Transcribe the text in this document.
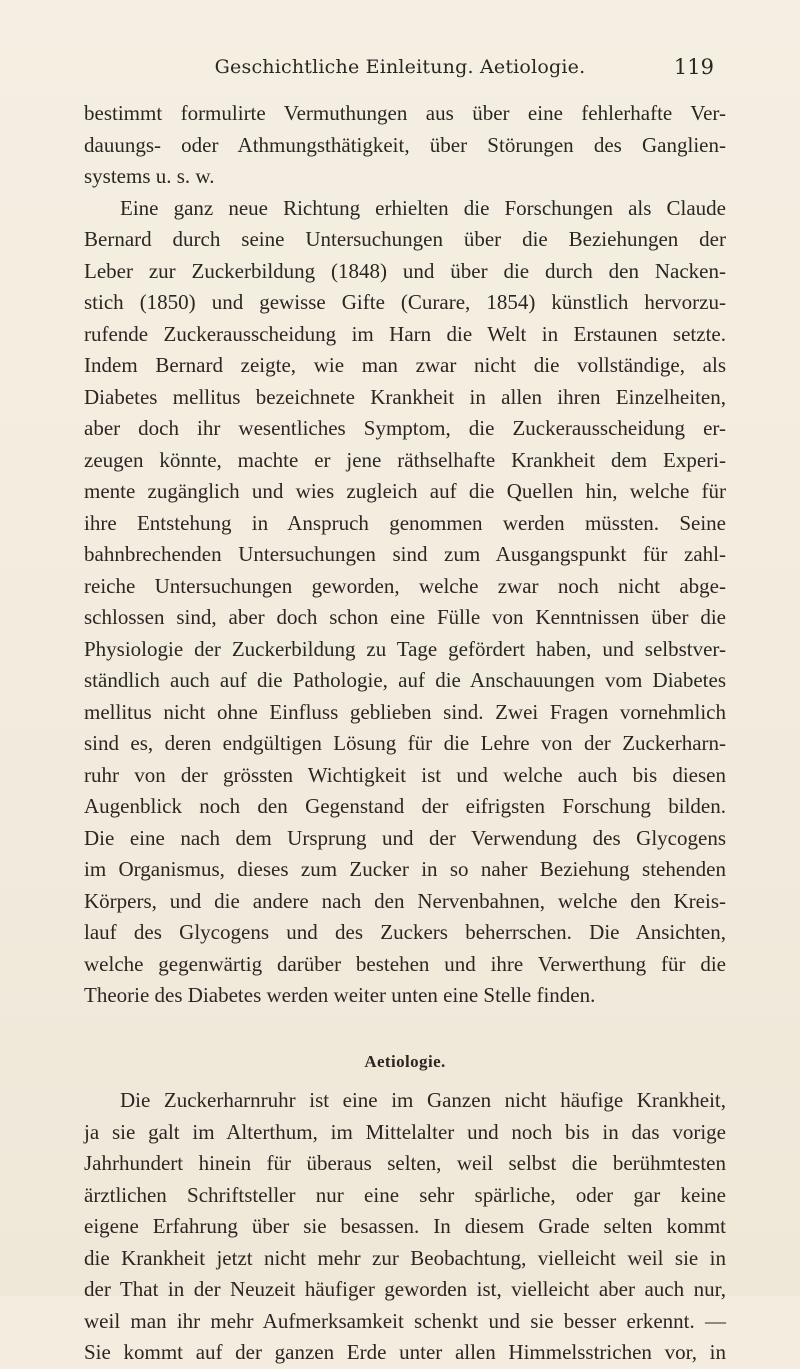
Geschichtliche Einleitung. Aetiologie.	119
bestimmt formulirte Vermuthungen aus über eine fehlerhafte Ver-
dauungs- oder Athmungsthätigkeit, über Störungen des Ganglien-
systems u. s. w.
Eine ganz neue Richtung erhielten die Forschungen als Claude
Bernard durch seine Untersuchungen über die Beziehungen der
Leber zur Zuckerbildung (1848) und über die durch den Nacken-
stich (1850) und gewisse Gifte (Curare, 1854) künstlich hervorzu-
rufende Zuckerausscheidung im Harn die Welt in Erstaunen setzte.
Indem Bernard zeigte, wie man zwar nicht die vollständige, als
Diabetes mellitus bezeichnete Krankheit in allen ihren Einzelheiten,
aber doch ihr wesentliches Symptom, die Zuckerausscheidung er-
zeugen könnte, machte er jene räthselhafte Krankheit dem Experi-
mente zugänglich und wies zugleich auf die Quellen hin, welche für
ihre Entstehung in Anspruch genommen werden müssten. Seine
bahnbrechenden Untersuchungen sind zum Ausgangspunkt für zahl-
reiche Untersuchungen geworden, welche zwar noch nicht abge-
schlossen sind, aber doch schon eine Fülle von Kenntnissen über die
Physiologie der Zuckerbildung zu Tage gefördert haben, und selbstver-
ständlich auch auf die Pathologie, auf die Anschauungen vom Diabetes
mellitus nicht ohne Einfluss geblieben sind. Zwei Fragen vornehmlich
sind es, deren endgültigen Lösung für die Lehre von der Zuckerharn-
ruhr von der grössten Wichtigkeit ist und welche auch bis diesen
Augenblick noch den Gegenstand der eifrigsten Forschung bilden.
Die eine nach dem Ursprung und der Verwendung des Glycogens
im Organismus, dieses zum Zucker in so naher Beziehung stehenden
Körpers, und die andere nach den Nervenbahnen, welche den Kreis-
lauf des Glycogens und des Zuckers beherrschen. Die Ansichten,
welche gegenwärtig darüber bestehen und ihre Verwerthung für die
Theorie des Diabetes werden weiter unten eine Stelle finden.
Aetiologie.
Die Zuckerharnruhr ist eine im Ganzen nicht häufige Krankheit,
ja sie galt im Alterthum, im Mittelalter und noch bis in das vorige
Jahrhundert hinein für überaus selten, weil selbst die berühmtesten
ärztlichen Schriftsteller nur eine sehr spärliche, oder gar keine
eigene Erfahrung über sie besassen. In diesem Grade selten kommt
die Krankheit jetzt nicht mehr zur Beobachtung, vielleicht weil sie in
der That in der Neuzeit häufiger geworden ist, vielleicht aber auch nur,
weil man ihr mehr Aufmerksamkeit schenkt und sie besser erkennt. —
Sie kommt auf der ganzen Erde unter allen Himmelsstrichen vor, in
